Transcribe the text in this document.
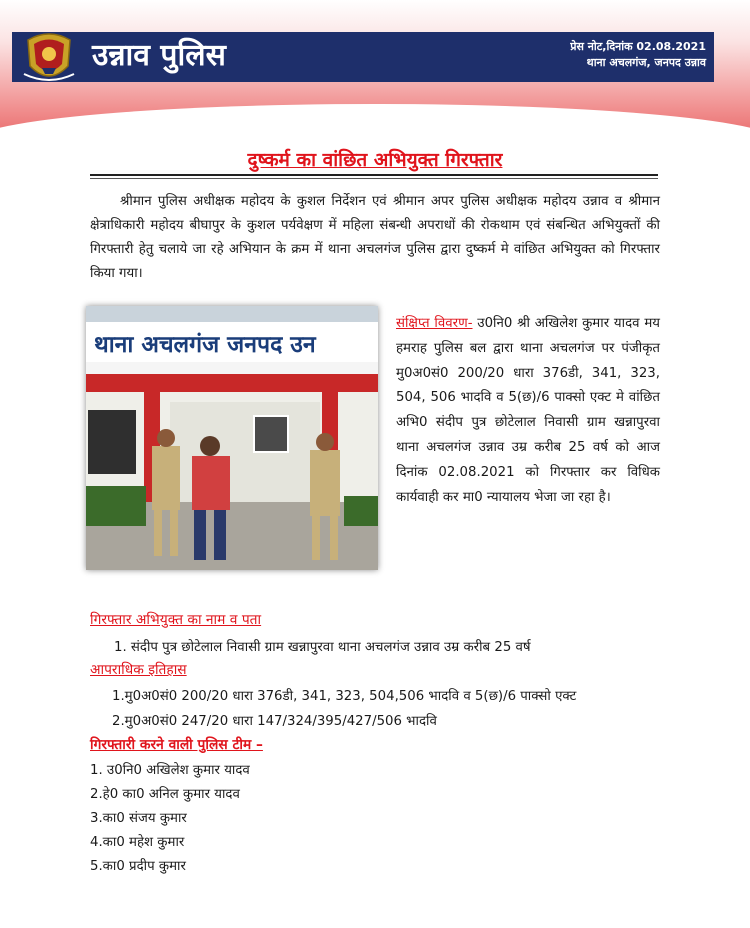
उन्नाव पुलिस	प्रेस नोट,दिनांक 02.08.2021
थाना अचलगंज, जनपद उन्नाव
दुष्कर्म का वांछित अभियुक्त गिरफ्तार

श्रीमान पुलिस अधीक्षक महोदय के कुशल निर्देशन एवं श्रीमान अपर पुलिस अधीक्षक महोदय उन्नाव व श्रीमान क्षेत्राधिकारी महोदय बीघापुर के कुशल पर्यवेक्षण में महिला संबन्धी अपराधों की रोकथाम एवं संबन्धित अभियुक्तों की गिरफ्तारी हेतु चलाये जा रहे अभियान के क्रम में थाना अचलगंज पुलिस द्वारा दुष्कर्म मे वांछित अभियुक्त को गिरफ्तार किया गया।

थाना अचलगंज जनपद उन

संक्षिप्त विवरण- उ0नि0 श्री अखिलेश कुमार यादव मय हमराह पुलिस बल द्वारा थाना अचलगंज पर पंजीकृत मु0अ0सं0 200/20 धारा 376डी, 341, 323, 504, 506 भादवि व 5(छ)/6 पाक्सो एक्ट मे वांछित अभि0 संदीप पुत्र छोटेलाल निवासी ग्राम खन्नापुरवा थाना अचलगंज उन्नाव उम्र करीब 25 वर्ष को आज दिनांक 02.08.2021 को गिरफ्तार कर विधिक कार्यवाही कर मा0 न्यायालय भेजा जा रहा है।

गिरफ्तार अभियुक्त का नाम व पता

1. संदीप पुत्र छोटेलाल निवासी ग्राम खन्नापुरवा थाना अचलगंज उन्नाव उम्र करीब 25 वर्ष

आपराधिक इतिहास

1.मु0अ0सं0 200/20 धारा 376डी, 341, 323, 504,506 भादवि व 5(छ)/6 पाक्सो एक्ट

2.मु0अ0सं0 247/20 धारा 147/324/395/427/506 भादवि

गिरफ्तारी करने वाली पुलिस टीम –

1. उ0नि0 अखिलेश कुमार यादव

2.हे0 का0 अनिल कुमार यादव

3.का0 संजय कुमार

4.का0 महेश कुमार

5.का0 प्रदीप कुमार
